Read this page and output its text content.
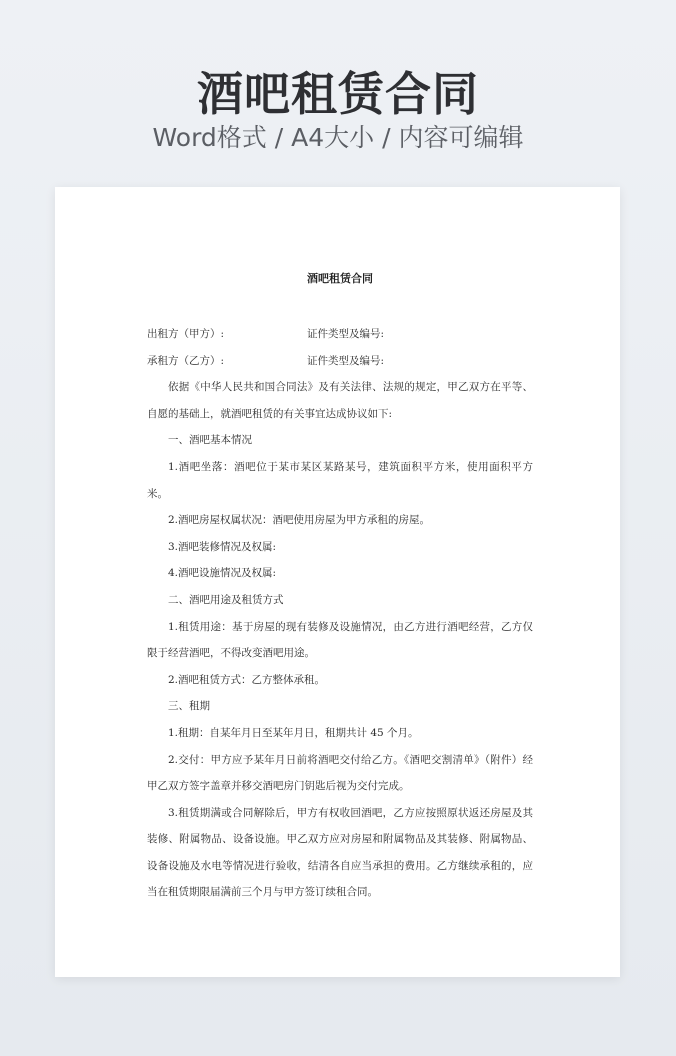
酒吧租赁合同
Word格式 / A4大小 / 内容可编辑
酒吧租赁合同
出租方（甲方）:	证件类型及编号:
承租方（乙方）:	证件类型及编号:

依据《中华人民共和国合同法》及有关法律、法规的规定，甲乙双方在平等、自愿的基础上，就酒吧租赁的有关事宜达成协议如下:

一、酒吧基本情况

1.酒吧坐落：酒吧位于某市某区某路某号，建筑面积平方米，使用面积平方米。

2.酒吧房屋权属状况：酒吧使用房屋为甲方承租的房屋。

3.酒吧装修情况及权属:

4.酒吧设施情况及权属:

二、酒吧用途及租赁方式

1.租赁用途：基于房屋的现有装修及设施情况，由乙方进行酒吧经营，乙方仅限于经营酒吧，不得改变酒吧用途。

2.酒吧租赁方式：乙方整体承租。

三、租期

1.租期：自某年月日至某年月日，租期共计 45 个月。

2.交付：甲方应予某年月日前将酒吧交付给乙方。《酒吧交割清单》（附件）经甲乙双方签字盖章并移交酒吧房门钥匙后视为交付完成。

3.租赁期满或合同解除后，甲方有权收回酒吧，乙方应按照原状返还房屋及其装修、附属物品、设备设施。甲乙双方应对房屋和附属物品及其装修、附属物品、设备设施及水电等情况进行验收，结清各自应当承担的费用。乙方继续承租的，应当在租赁期限届满前三个月与甲方签订续租合同。
